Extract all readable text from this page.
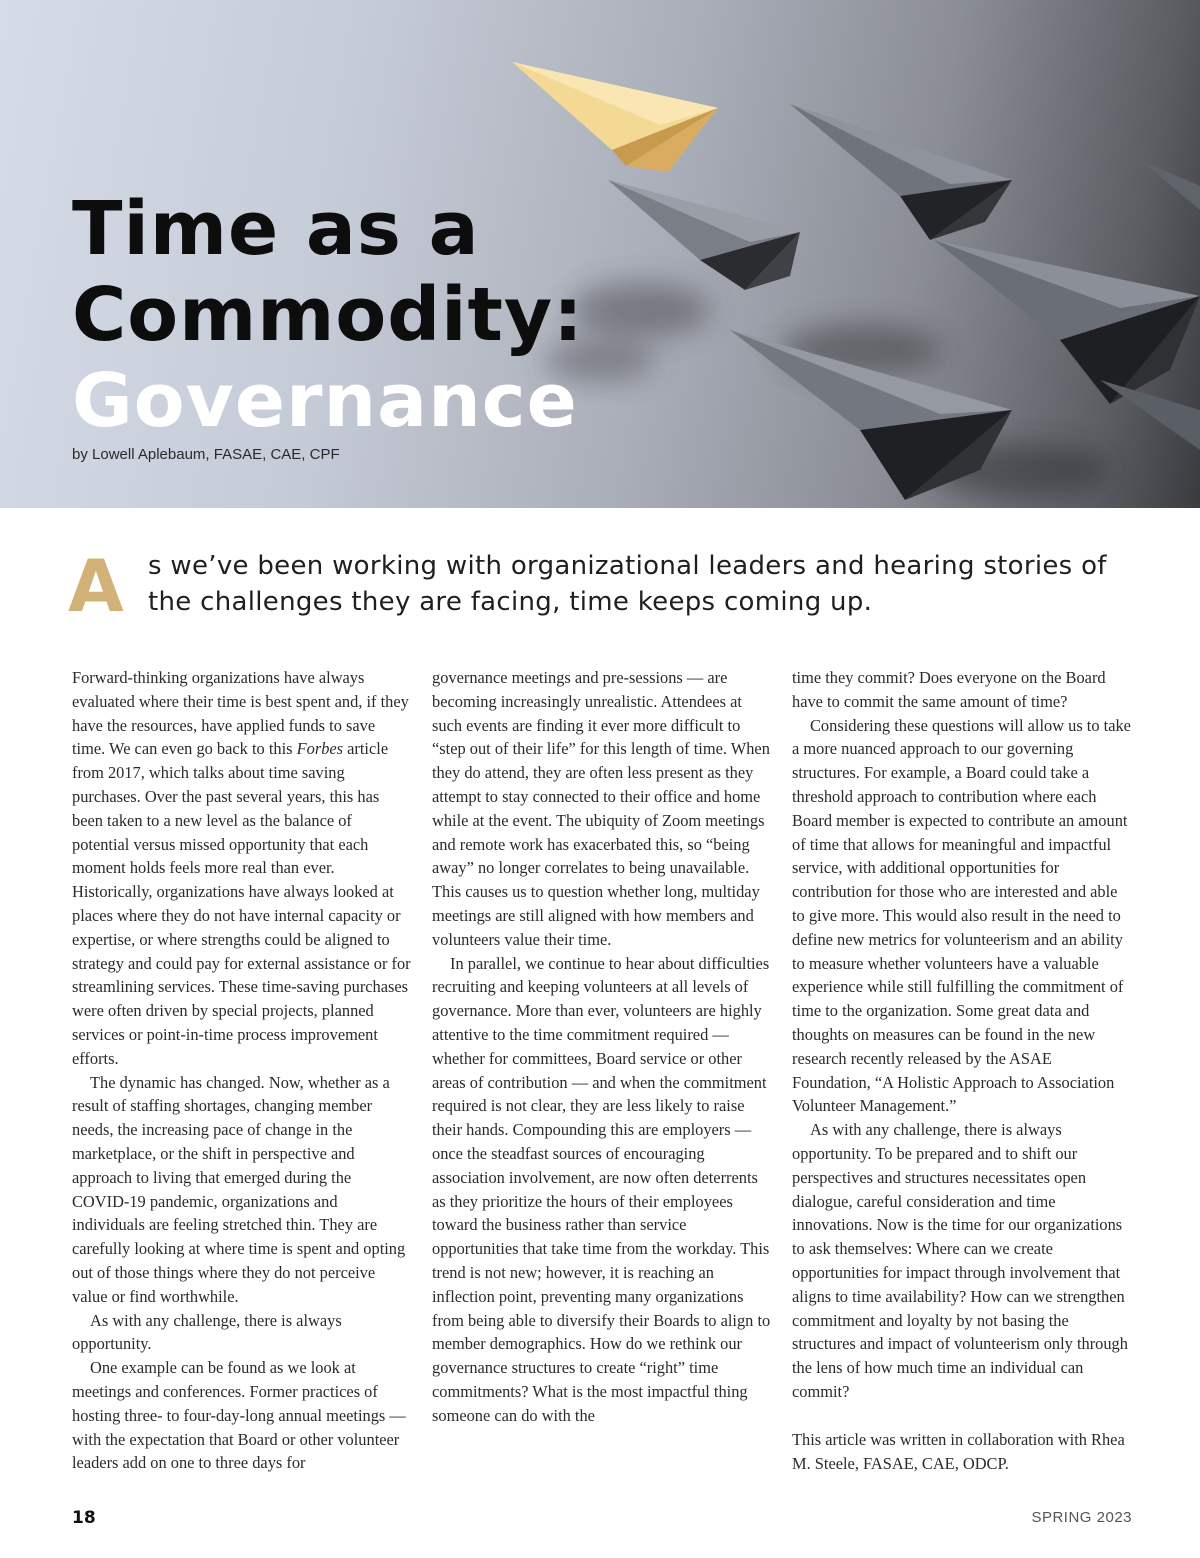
Time as a
Commodity:
Governance
by Lowell Aplebaum, FASAE, CAE, CPF
A s we’ve been working with organizational leaders and hearing stories of the challenges they are facing, time keeps coming up.

Forward-thinking organizations have always evaluated where their time is best spent and, if they have the resources, have applied funds to save time. We can even go back to this Forbes article from 2017, which talks about time saving purchases. Over the past several years, this has been taken to a new level as the balance of potential versus missed opportunity that each moment holds feels more real than ever. Historically, organizations have always looked at places where they do not have internal capacity or expertise, or where strengths could be aligned to strategy and could pay for external assistance or for streamlining services. These time-saving purchases were often driven by special projects, planned services or point-in-time process improvement efforts.

The dynamic has changed. Now, whether as a result of staffing shortages, changing member needs, the increasing pace of change in the marketplace, or the shift in perspective and approach to living that emerged during the COVID-19 pandemic, organizations and individuals are feeling stretched thin. They are carefully looking at where time is spent and opting out of those things where they do not perceive value or find worthwhile.

As with any challenge, there is always opportunity.

One example can be found as we look at meetings and conferences. Former practices of hosting three- to four-day-long annual meetings — with the expectation that Board or other volunteer leaders add on one to three days for

governance meetings and pre-sessions — are becoming increasingly unrealistic. Attendees at such events are finding it ever more difficult to “step out of their life” for this length of time. When they do attend, they are often less present as they attempt to stay connected to their office and home while at the event. The ubiquity of Zoom meetings and remote work has exacerbated this, so “being away” no longer correlates to being unavailable. This causes us to question whether long, multiday meetings are still aligned with how members and volunteers value their time.

In parallel, we continue to hear about difficulties recruiting and keeping volunteers at all levels of governance. More than ever, volunteers are highly attentive to the time commitment required — whether for committees, Board service or other areas of contribution — and when the commitment required is not clear, they are less likely to raise their hands. Compounding this are employers — once the steadfast sources of encouraging association involvement, are now often deterrents as they prioritize the hours of their employees toward the business rather than service opportunities that take time from the workday. This trend is not new; however, it is reaching an inflection point, preventing many organizations from being able to diversify their Boards to align to member demographics. How do we rethink our governance structures to create “right” time commitments? What is the most impactful thing someone can do with the

time they commit? Does everyone on the Board have to commit the same amount of time?

Considering these questions will allow us to take a more nuanced approach to our governing structures. For example, a Board could take a threshold approach to contribution where each Board member is expected to contribute an amount of time that allows for meaningful and impactful service, with additional opportunities for contribution for those who are interested and able to give more. This would also result in the need to define new metrics for volunteerism and an ability to measure whether volunteers have a valuable experience while still fulfilling the commitment of time to the organization. Some great data and thoughts on measures can be found in the new research recently released by the ASAE Foundation, “A Holistic Approach to Association Volunteer Management.”

As with any challenge, there is always opportunity. To be prepared and to shift our perspectives and structures necessitates open dialogue, careful consideration and time innovations. Now is the time for our organizations to ask themselves: Where can we create opportunities for impact through involvement that aligns to time availability? How can we strengthen commitment and loyalty by not basing the structures and impact of volunteerism only through the lens of how much time an individual can commit?

This article was written in collaboration with Rhea M. Steele, FASAE, CAE, ODCP.

18	SPRING 2023
